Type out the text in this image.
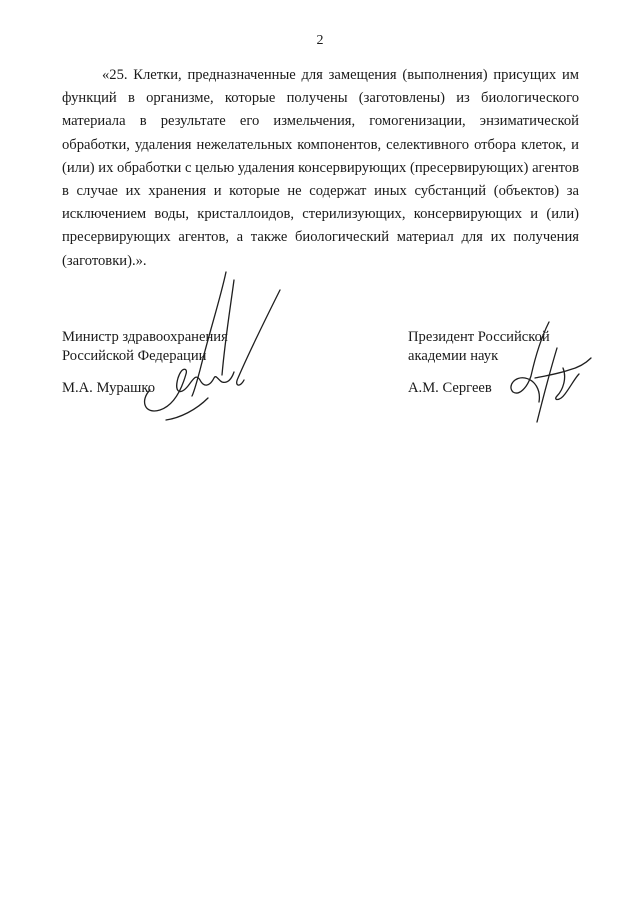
2

«25. Клетки, предназначенные для замещения (выполнения) присущих им функций в организме, которые получены (заготовлены) из биологического материала в результате его измельчения, гомогенизации, энзиматической обработки, удаления нежелательных компонентов, селективного отбора клеток, и (или) их обработки с целью удаления консервирующих (пресервирующих) агентов в случае их хранения и которые не содержат иных субстанций (объектов) за исключением воды, кристаллоидов, стерилизующих, консервирующих и (или) пресервирующих агентов, а также биологический материал для их получения (заготовки).».

Министр здравоохранения
Российской Федерации
М.А. Мурашко
Президент Российской
академии наук
А.М. Сергеев
